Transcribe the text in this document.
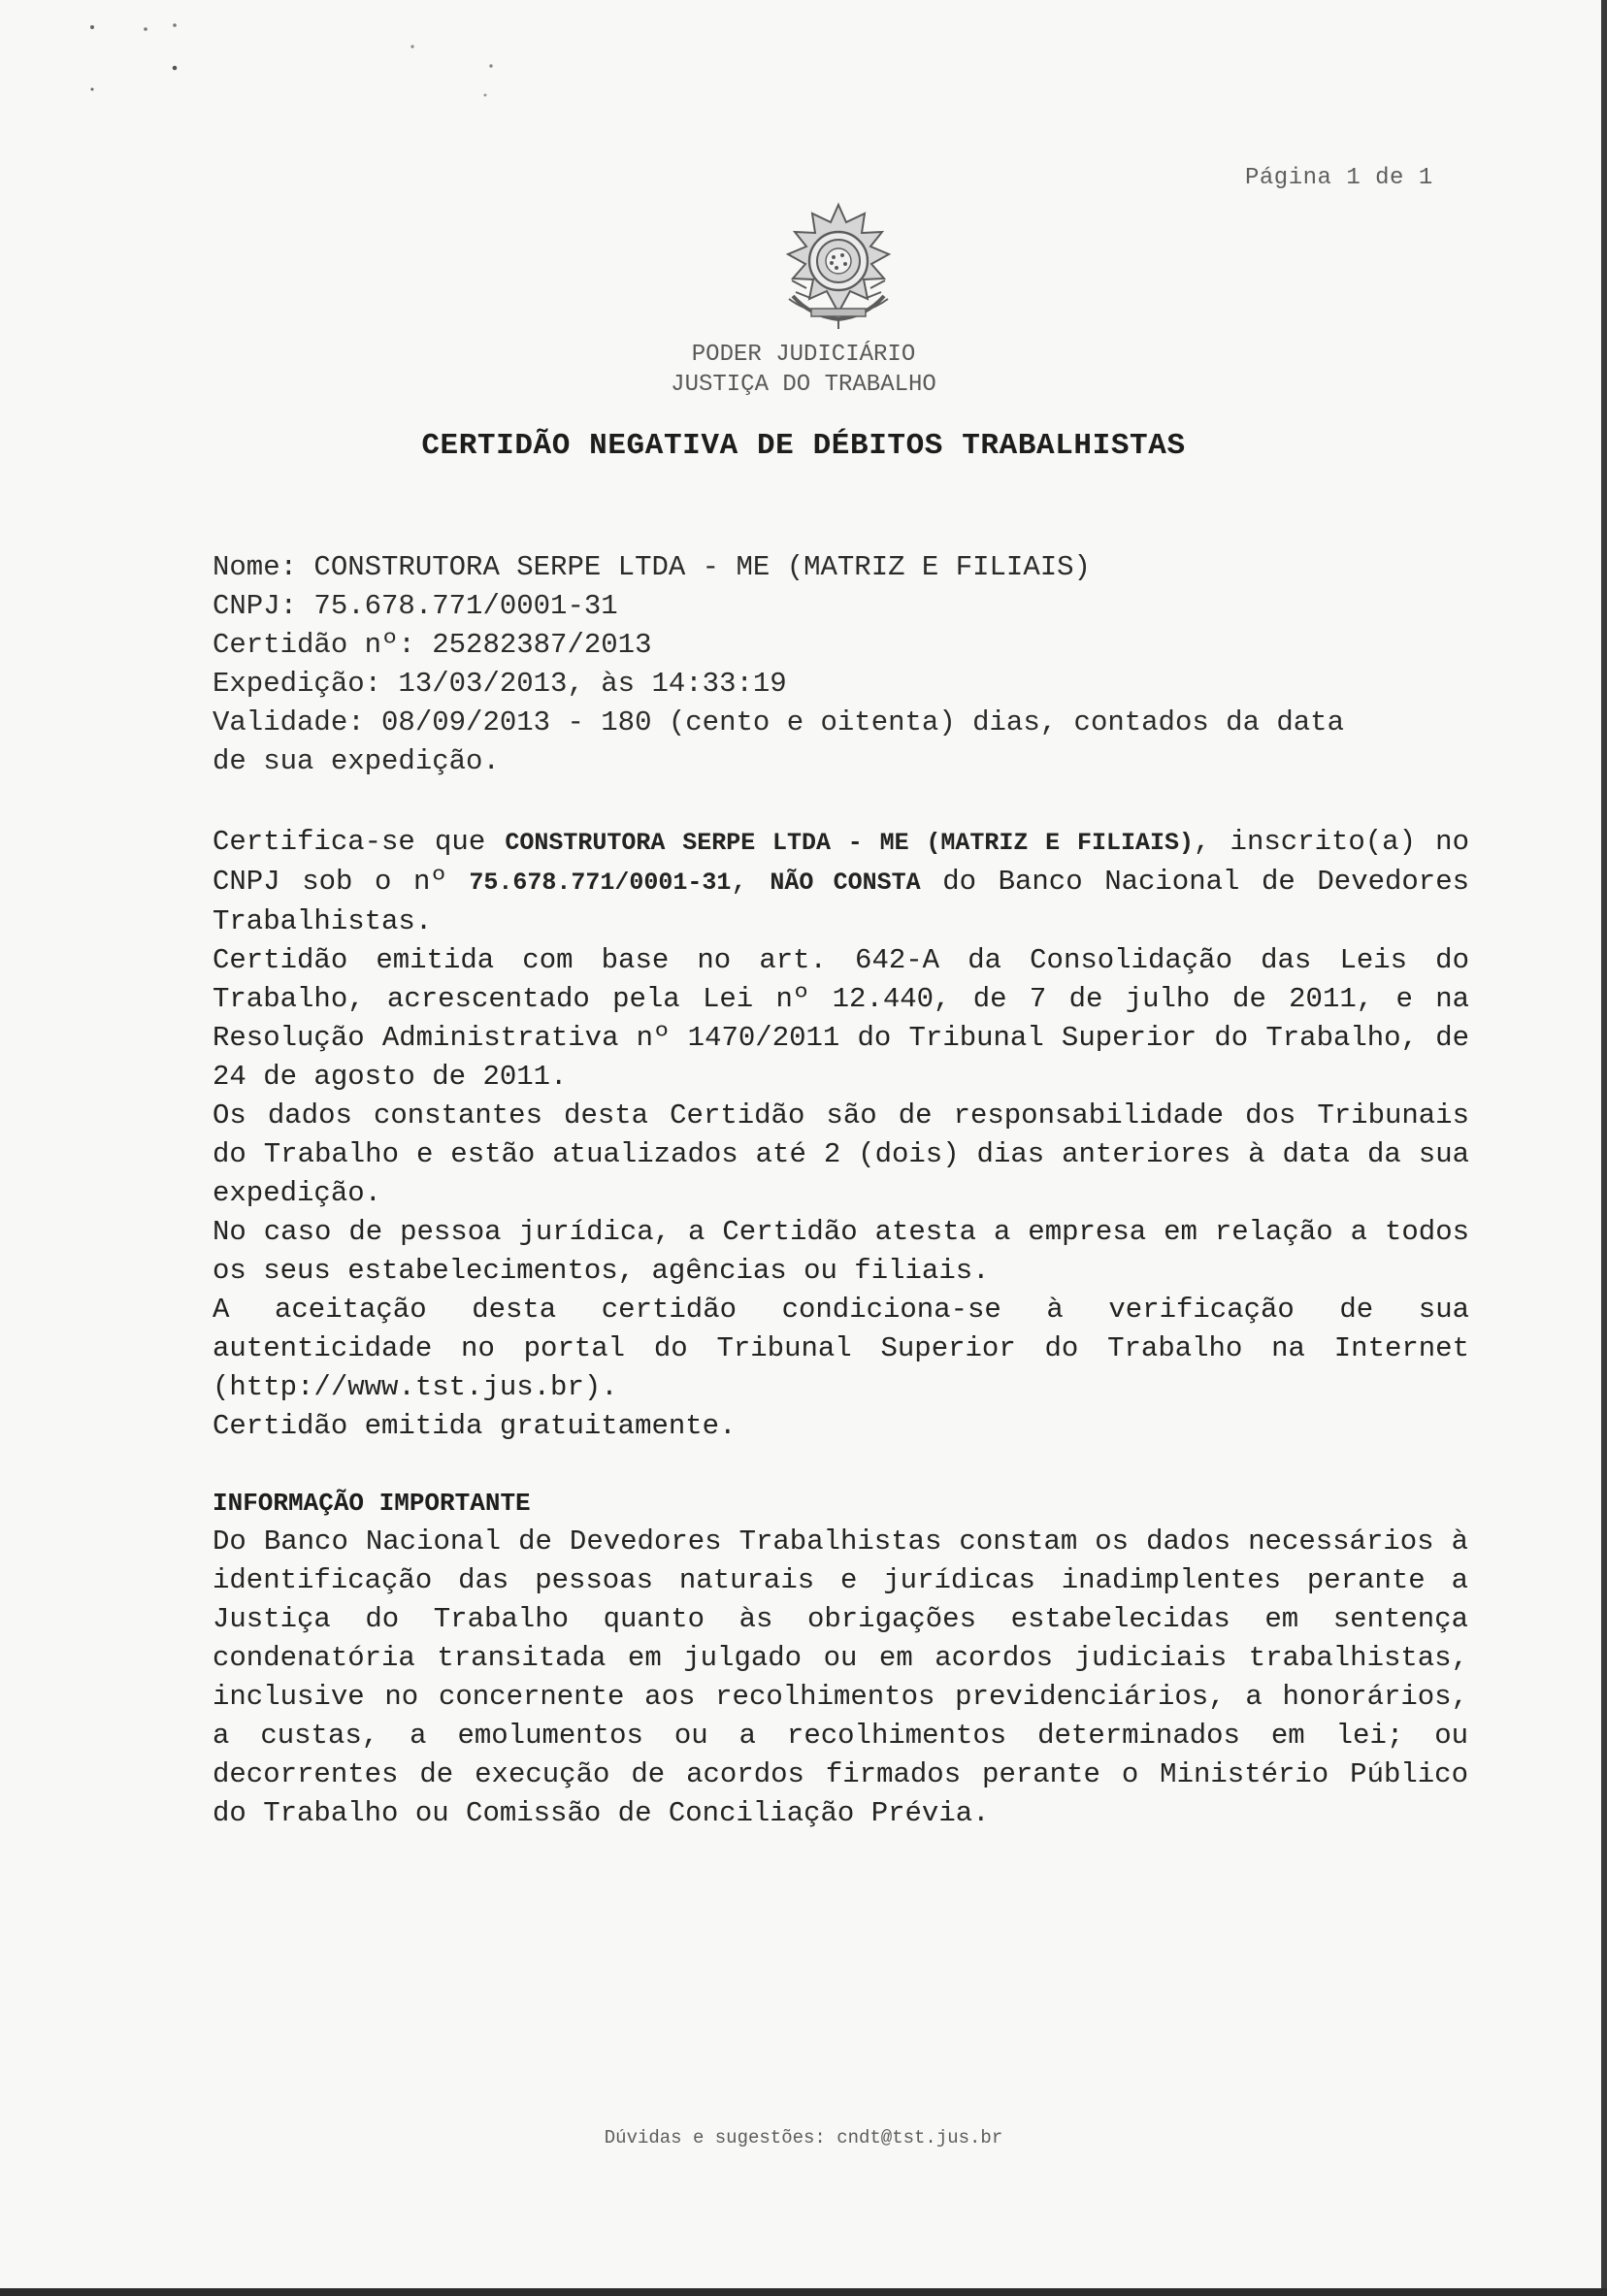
Página 1 de 1
PODER JUDICIÁRIO
JUSTIÇA DO TRABALHO
CERTIDÃO NEGATIVA DE DÉBITOS TRABALHISTAS
Nome: CONSTRUTORA SERPE LTDA - ME (MATRIZ E FILIAIS)
CNPJ: 75.678.771/0001-31
Certidão nº: 25282387/2013
Expedição: 13/03/2013, às 14:33:19
Validade: 08/09/2013 - 180 (cento e oitenta) dias, contados da data
de sua expedição.

Certifica-se que CONSTRUTORA SERPE LTDA - ME (MATRIZ E FILIAIS), inscrito(a) no CNPJ sob o nº 75.678.771/0001-31, NÃO CONSTA do Banco Nacional de Devedores Trabalhistas.

Certidão emitida com base no art. 642-A da Consolidação das Leis do Trabalho, acrescentado pela Lei nº 12.440, de 7 de julho de 2011, e na Resolução Administrativa nº 1470/2011 do Tribunal Superior do Trabalho, de 24 de agosto de 2011.

Os dados constantes desta Certidão são de responsabilidade dos Tribunais do Trabalho e estão atualizados até 2 (dois) dias anteriores à data da sua expedição.

No caso de pessoa jurídica, a Certidão atesta a empresa em relação a todos os seus estabelecimentos, agências ou filiais.

A aceitação desta certidão condiciona-se à verificação de sua autenticidade no portal do Tribunal Superior do Trabalho na Internet (http://www.tst.jus.br).

Certidão emitida gratuitamente.

INFORMAÇÃO IMPORTANTE
Do Banco Nacional de Devedores Trabalhistas constam os dados necessários à identificação das pessoas naturais e jurídicas inadimplentes perante a Justiça do Trabalho quanto às obrigações estabelecidas em sentença condenatória transitada em julgado ou em acordos judiciais trabalhistas, inclusive no concernente aos recolhimentos previdenciários, a honorários, a custas, a emolumentos ou a recolhimentos determinados em lei; ou decorrentes de execução de acordos firmados perante o Ministério Público do Trabalho ou Comissão de Conciliação Prévia.
Dúvidas e sugestões: cndt@tst.jus.br
